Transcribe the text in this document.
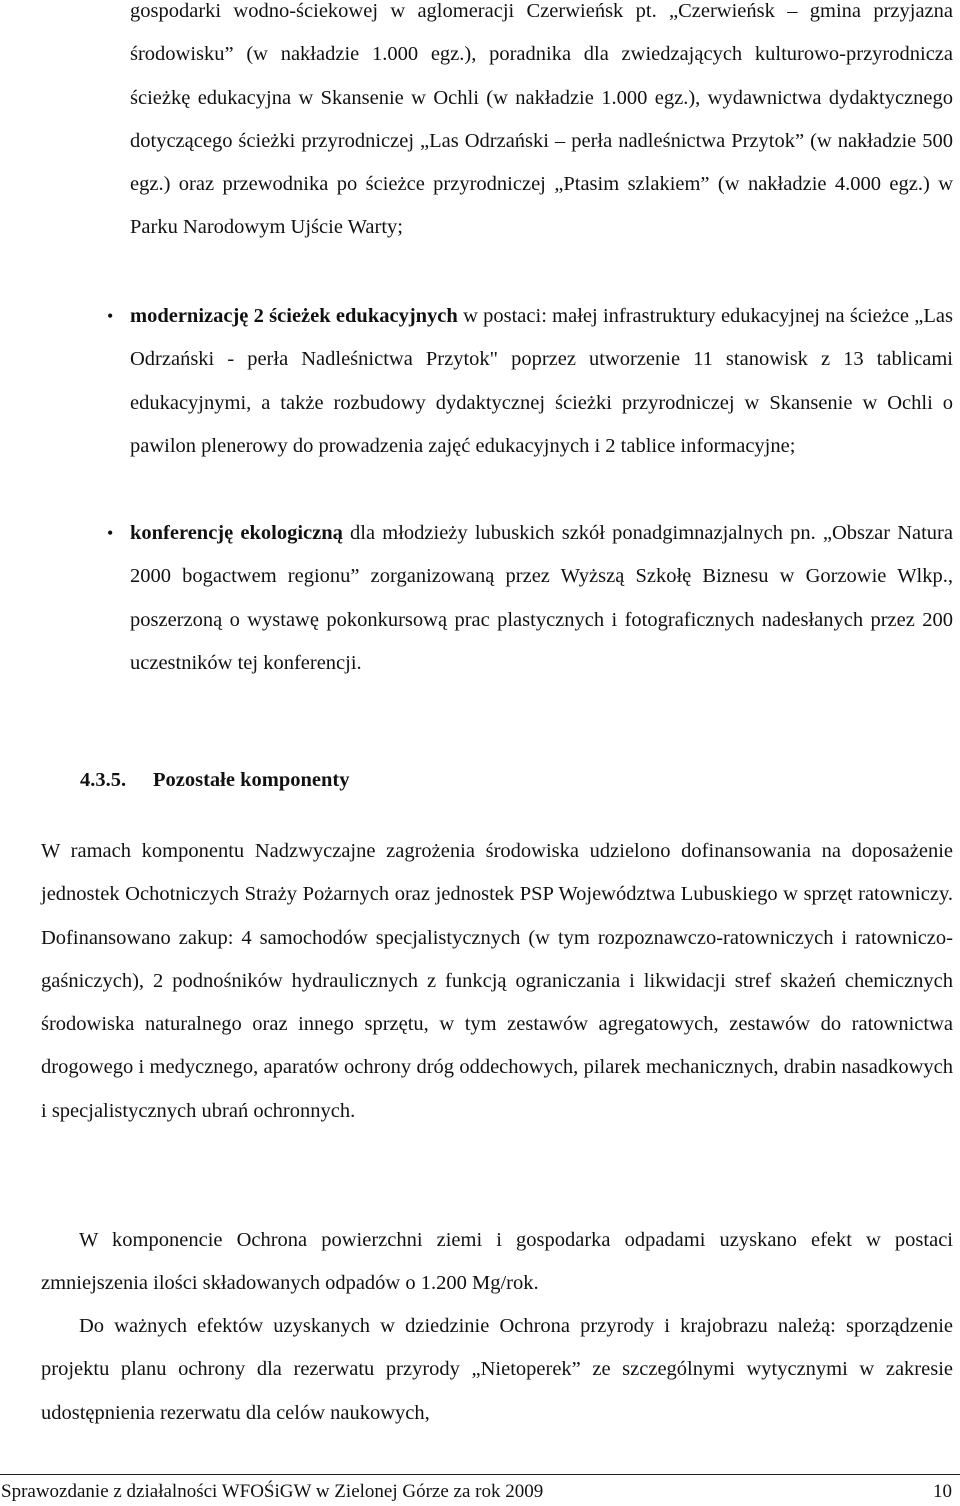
gospodarki wodno-ściekowej w aglomeracji Czerwieńsk pt. „Czerwieńsk – gmina przyjazna środowisku” (w nakładzie 1.000 egz.), poradnika dla zwiedzających kulturowo-przyrodnicza ścieżkę edukacyjna w Skansenie w Ochli (w nakładzie 1.000 egz.), wydawnictwa dydaktycznego dotyczącego ścieżki przyrodniczej „Las Odrzański – perła nadleśnictwa Przytok” (w nakładzie 500 egz.) oraz przewodnika po ścieżce przyrodniczej „Ptasim szlakiem” (w nakładzie 4.000 egz.) w Parku Narodowym Ujście Warty;

• modernizację 2 ścieżek edukacyjnych w postaci: małej infrastruktury edukacyjnej na ścieżce „Las Odrzański - perła Nadleśnictwa Przytok" poprzez utworzenie 11 stanowisk z 13 tablicami edukacyjnymi, a także rozbudowy dydaktycznej ścieżki przyrodniczej w Skansenie w Ochli o pawilon plenerowy do prowadzenia zajęć edukacyjnych i 2 tablice informacyjne;

• konferencję ekologiczną dla młodzieży lubuskich szkół ponadgimnazjalnych pn. „Obszar Natura 2000 bogactwem regionu” zorganizowaną przez Wyższą Szkołę Biznesu w Gorzowie Wlkp., poszerzoną o wystawę pokonkursową prac plastycznych i fotograficznych nadesłanych przez 200 uczestników tej konferencji.

4.3.5. Pozostałe komponenty

W ramach komponentu Nadzwyczajne zagrożenia środowiska udzielono dofinansowania na doposażenie jednostek Ochotniczych Straży Pożarnych oraz jednostek PSP Województwa Lubuskiego w sprzęt ratowniczy. Dofinansowano zakup: 4 samochodów specjalistycznych (w tym rozpoznawczo-ratowniczych i ratowniczo-gaśniczych), 2 podnośników hydraulicznych z funkcją ograniczania i likwidacji stref skażeń chemicznych środowiska naturalnego oraz innego sprzętu, w tym zestawów agregatowych, zestawów do ratownictwa drogowego i medycznego, aparatów ochrony dróg oddechowych, pilarek mechanicznych, drabin nasadkowych i specjalistycznych ubrań ochronnych.

W komponencie Ochrona powierzchni ziemi i gospodarka odpadami uzyskano efekt w postaci zmniejszenia ilości składowanych odpadów o 1.200 Mg/rok.

Do ważnych efektów uzyskanych w dziedzinie Ochrona przyrody i krajobrazu należą: sporządzenie projektu planu ochrony dla rezerwatu przyrody „Nietoperek” ze szczególnymi wytycznymi w zakresie udostępnienia rezerwatu dla celów naukowych,

Sprawozdanie z działalności WFOŚiGW w Zielonej Górze za rok 2009	10
